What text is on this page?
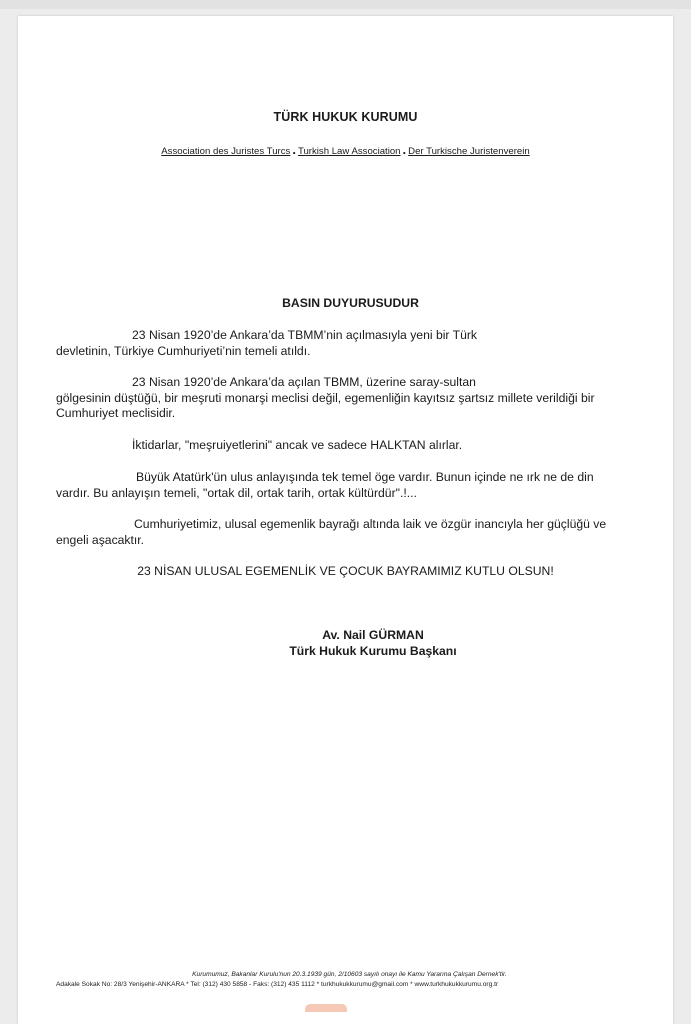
TÜRK HUKUK KURUMU
Association des Juristes Turcs . Turkish Law Association . Der Turkische Juristenverein
BASIN DUYURUSUDUR
23 Nisan 1920’de Ankara’da TBMM’nin açılmasıyla yeni bir Türk
devletinin, Türkiye Cumhuriyeti’nin temeli atıldı.
23 Nisan 1920’de Ankara’da açılan TBMM, üzerine saray-sultan
gölgesinin düştüğü, bir meşruti monarşi meclisi değil, egemenliğin kayıtsız şartsız millete verildiği bir Cumhuriyet meclisidir.
İktidarlar, "meşruiyetlerini" ancak ve sadece HALKTAN alırlar.
Büyük Atatürk'ün ulus anlayışında tek temel öge vardır. Bunun içinde ne ırk ne de din
vardır. Bu anlayışın temeli, "ortak dil, ortak tarih, ortak kültürdür".!...
Cumhuriyetimiz, ulusal egemenlik bayrağı altında laik ve özgür inancıyla her güçlüğü ve
engeli aşacaktır.
23 NİSAN ULUSAL EGEMENLİK VE ÇOCUK BAYRAMIMIZ KUTLU OLSUN!
Av. Nail GÜRMAN
Türk Hukuk Kurumu Başkanı
Kurumumuz, Bakanlar Kurulu'nun 20.3.1939 gün, 2/10603 sayılı onayı ile Kamu Yararına Çalışan Dernek'tir.
Adakale Sokak No: 28/3 Yenişehir-ANKARA * Tel: (312) 430 5858 - Faks: (312) 435 1112 * turkhukukkurumu@gmail.com * www.turkhukukkurumu.org.tr
